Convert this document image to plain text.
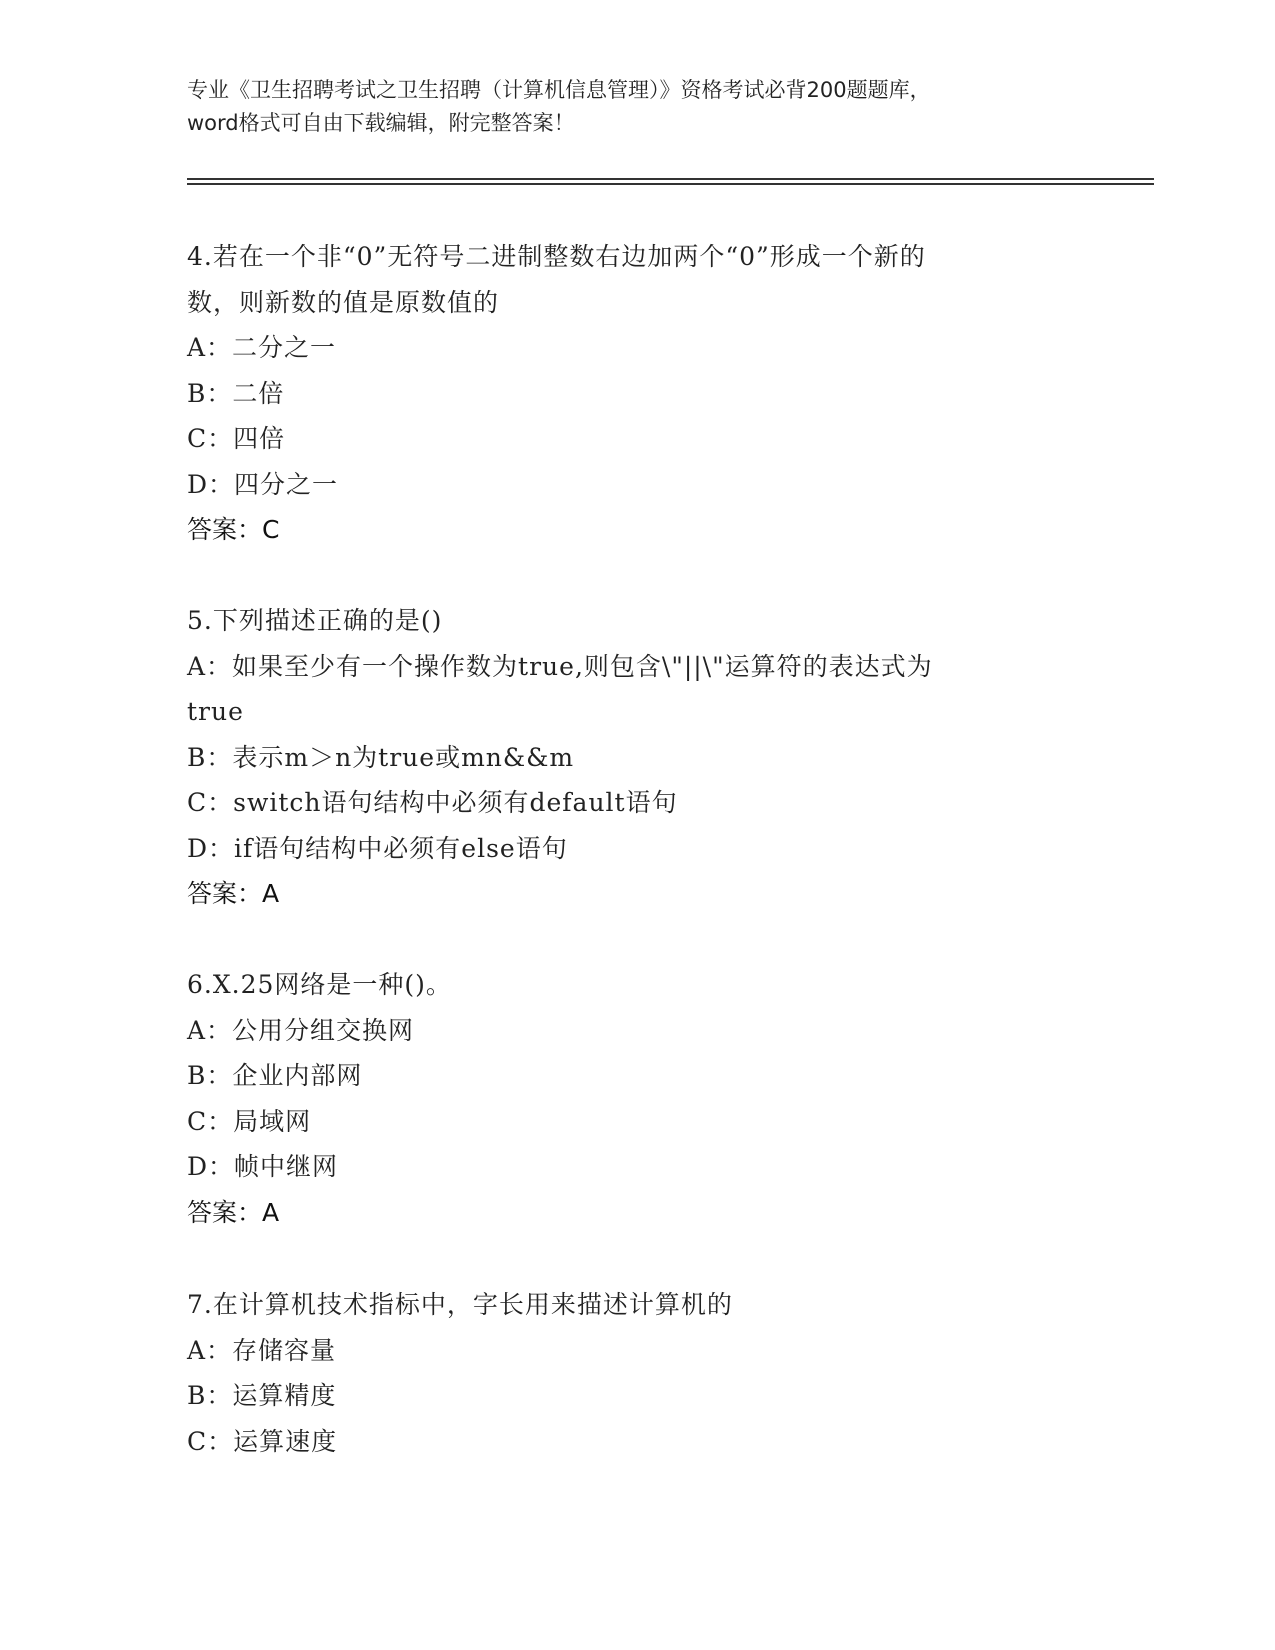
专业《卫生招聘考试之卫生招聘（计算机信息管理）》资格考试必背200题题库，

word格式可自由下载编辑，附完整答案！

4.若在一个非“0”无符号二进制整数右边加两个“0”形成一个新的

数，则新数的值是原数值的

A：二分之一

B：二倍

C：四倍

D：四分之一

答案：C

5.下列描述正确的是()

A：如果至少有一个操作数为true,则包含\"||\"运算符的表达式为

true

B：表示m＞n为true或mn&&m

C：switch语句结构中必须有default语句

D：if语句结构中必须有else语句

答案：A

6.X.25网络是一种()。

A：公用分组交换网

B：企业内部网

C：局域网

D：帧中继网

答案：A

7.在计算机技术指标中，字长用来描述计算机的

A：存储容量

B：运算精度

C：运算速度
